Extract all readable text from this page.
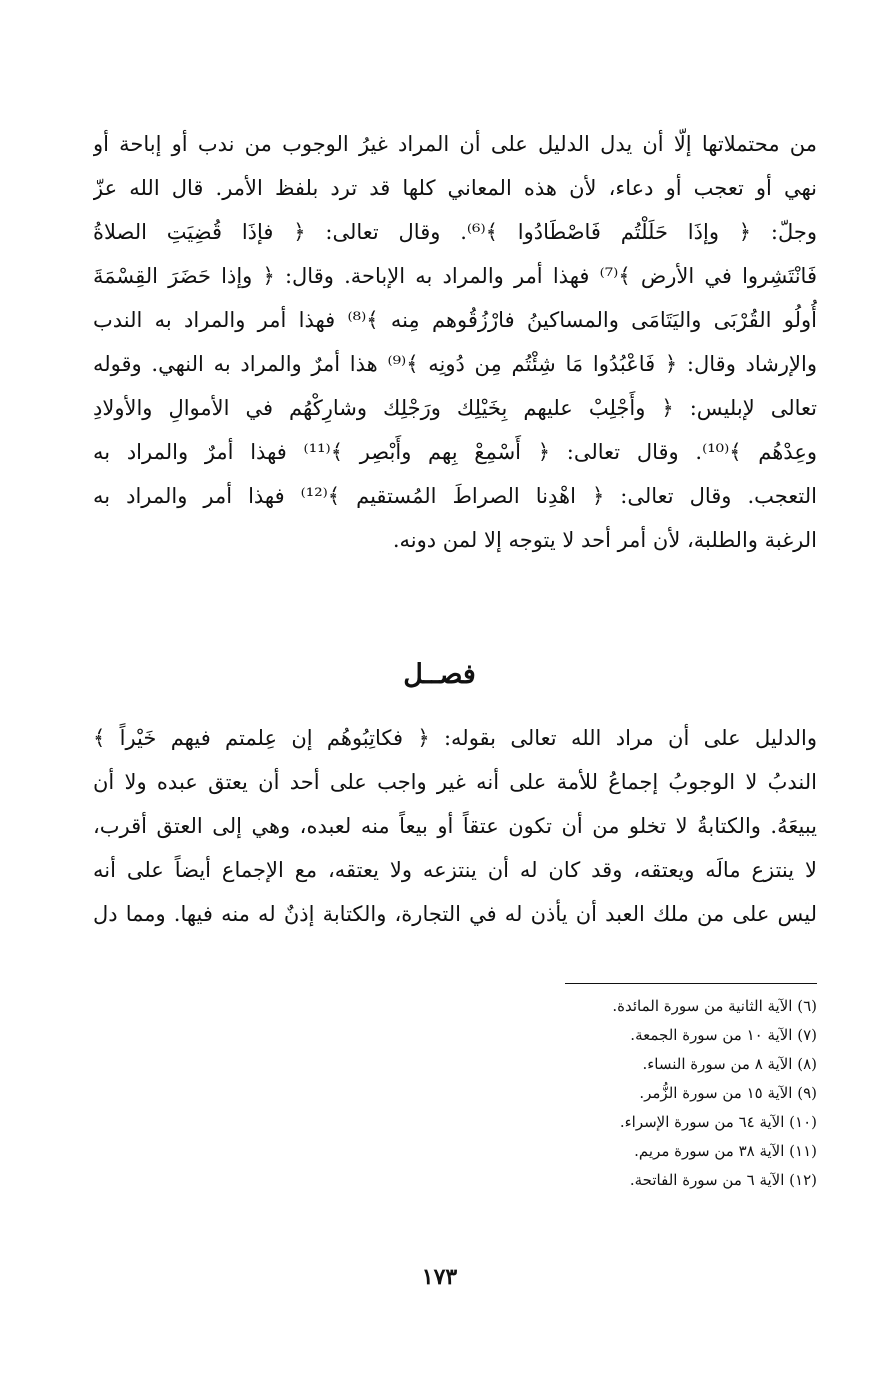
من محتملاتها إلّا أن يدل الدليل على أن المراد غيرُ الوجوب من ندب أو إباحة أو
نهي أو تعجب أو دعاء، لأن هذه المعاني كلها قد ترد بلفظ الأمر. قال الله عزّ
وجلّ: ﴿ وإذَا حَلَلْتُم فَاصْطَادُوا ﴾⁽⁶⁾. وقال تعالى: ﴿ فإذَا قُضِيَتِ الصلاةُ
فَانْتَشِروا في الأرض ﴾⁽⁷⁾ فهذا أمر والمراد به الإباحة. وقال: ﴿ وإذا حَضَرَ القِسْمَةَ
أُولُو القُرْبَى واليَتَامَى والمساكينُ فارْزُقُوهم مِنه ﴾⁽⁸⁾ فهذا أمر والمراد به الندب
والإرشاد وقال: ﴿ فَاعْبُدُوا مَا شِئْتُم مِن دُونِه ﴾⁽⁹⁾ هذا أمرٌ والمراد به النهي. وقوله
تعالى لإبليس: ﴿ وأَجْلِبْ عليهم بِخَيْلِك ورَجْلِك وشارِكْهُم في الأموالِ والأولادِ
وعِدْهُم ﴾⁽¹⁰⁾. وقال تعالى: ﴿ أَسْمِعْ بِهم وأَبْصِر ﴾⁽¹¹⁾ فهذا أمرٌ والمراد به
التعجب. وقال تعالى: ﴿ اهْدِنا الصراطَ المُستقيم ﴾⁽¹²⁾ فهذا أمر والمراد به
الرغبة والطلبة، لأن أمر أحد لا يتوجه إلا لمن دونه.
فصــل
والدليل على أن مراد الله تعالى بقوله: ﴿ فكاتِبُوهُم إن عِلمتم فيهم خَيْراً ﴾
الندبُ لا الوجوبُ إجماعُ للأمة على أنه غير واجب على أحد أن يعتق عبده ولا أن
يبيعَهُ. والكتابةُ لا تخلو من أن تكون عتقاً أو بيعاً منه لعبده، وهي إلى العتق أقرب،
لا ينتزع مالَه ويعتقه، وقد كان له أن ينتزعه ولا يعتقه، مع الإجماع أيضاً على أنه
ليس على من ملك العبد أن يأذن له في التجارة، والكتابة إذنٌ له منه فيها. ومما دل
(٦) الآية الثانية من سورة المائدة.
(٧) الآية ١٠ من سورة الجمعة.
(٨) الآية ٨ من سورة النساء.
(٩) الآية ١٥ من سورة الزُّمر.
(١٠) الآية ٦٤ من سورة الإسراء.
(١١) الآية ٣٨ من سورة مريم.
(١٢) الآية ٦ من سورة الفاتحة.
١٧٣
